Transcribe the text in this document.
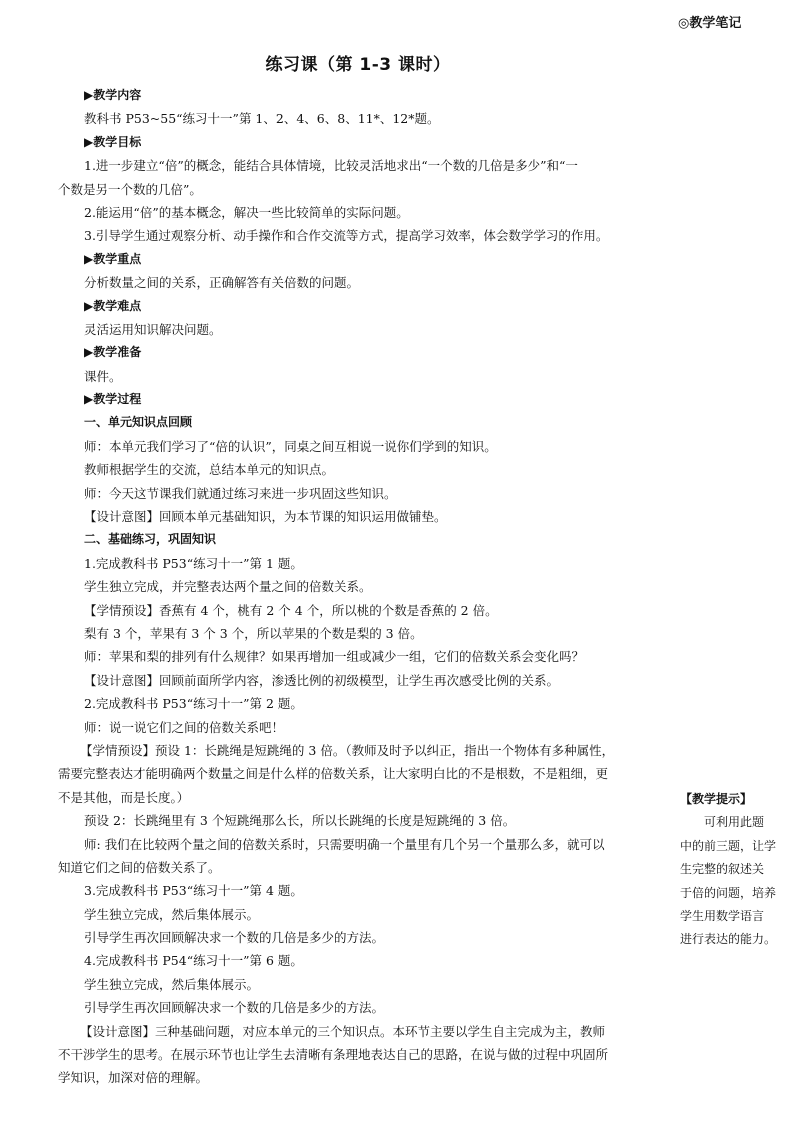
◎教学笔记
练习课（第 1-3 课时）
▶教学内容
教科书 P53~55“练习十一”第 1、2、4、6、8、11*、12*题。
▶教学目标
1.进一步建立“倍”的概念，能结合具体情境，比较灵活地求出“一个数的几倍是多少”和“一
个数是另一个数的几倍”。
2.能运用“倍”的基本概念，解决一些比较简单的实际问题。
3.引导学生通过观察分析、动手操作和合作交流等方式，提高学习效率，体会数学学习的作用。
▶教学重点
分析数量之间的关系，正确解答有关倍数的问题。
▶教学难点
灵活运用知识解决问题。
▶教学准备
课件。
▶教学过程
一、单元知识点回顾
师：本单元我们学习了“倍的认识”，同桌之间互相说一说你们学到的知识。
教师根据学生的交流，总结本单元的知识点。
师：今天这节课我们就通过练习来进一步巩固这些知识。
【设计意图】回顾本单元基础知识，为本节课的知识运用做铺垫。
二、基础练习，巩固知识
1.完成教科书 P53“练习十一”第 1 题。
学生独立完成，并完整表达两个量之间的倍数关系。
【学情预设】香蕉有 4 个，桃有 2 个 4 个，所以桃的个数是香蕉的 2 倍。
梨有 3 个，苹果有 3 个 3 个，所以苹果的个数是梨的 3 倍。
师：苹果和梨的排列有什么规律？如果再增加一组或减少一组，它们的倍数关系会变化吗？
【设计意图】回顾前面所学内容，渗透比例的初级模型，让学生再次感受比例的关系。
2.完成教科书 P53“练习十一”第 2 题。
师：说一说它们之间的倍数关系吧！
【学情预设】预设 1：长跳绳是短跳绳的 3 倍。（教师及时予以纠正，指出一个物体有多种属性，
需要完整表达才能明确两个数量之间是什么样的倍数关系，让大家明白比的不是根数，不是粗细，更
不是其他，而是长度。）
预设 2：长跳绳里有 3 个短跳绳那么长，所以长跳绳的长度是短跳绳的 3 倍。
师: 我们在比较两个量之间的倍数关系时，只需要明确一个量里有几个另一个量那么多，就可以
知道它们之间的倍数关系了。
3.完成教科书 P53“练习十一”第 4 题。
学生独立完成，然后集体展示。
引导学生再次回顾解决求一个数的几倍是多少的方法。
4.完成教科书 P54“练习十一”第 6 题。
学生独立完成，然后集体展示。
引导学生再次回顾解决求一个数的几倍是多少的方法。
【设计意图】三种基础问题，对应本单元的三个知识点。本环节主要以学生自主完成为主，教师
不干涉学生的思考。在展示环节也让学生去清晰有条理地表达自己的思路，在说与做的过程中巩固所
学知识，加深对倍的理解。
【教学提示】
可利用此题
中的前三题，让学
生完整的叙述关
于倍的问题，培养
学生用数学语言
进行表达的能力。
